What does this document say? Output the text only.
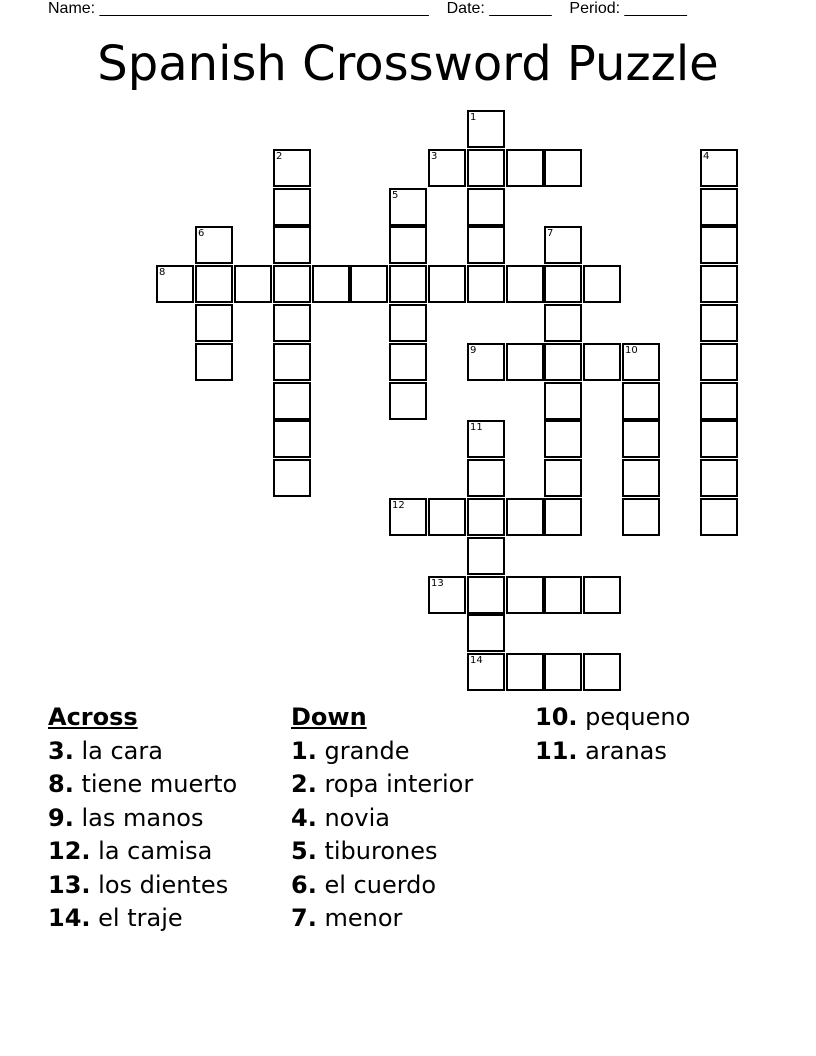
Name: _____________________________________ Date: _______ Period: _______
Spanish Crossword Puzzle
1
2	3	4
5
6	7
8
9	10
11
12
13
14
Across
3. la cara
8. tiene muerto
9. las manos
12. la camisa
13. los dientes
14. el traje
Down
1. grande
2. ropa interior
4. novia
5. tiburones
6. el cuerdo
7. menor
10. pequeno
11. aranas
